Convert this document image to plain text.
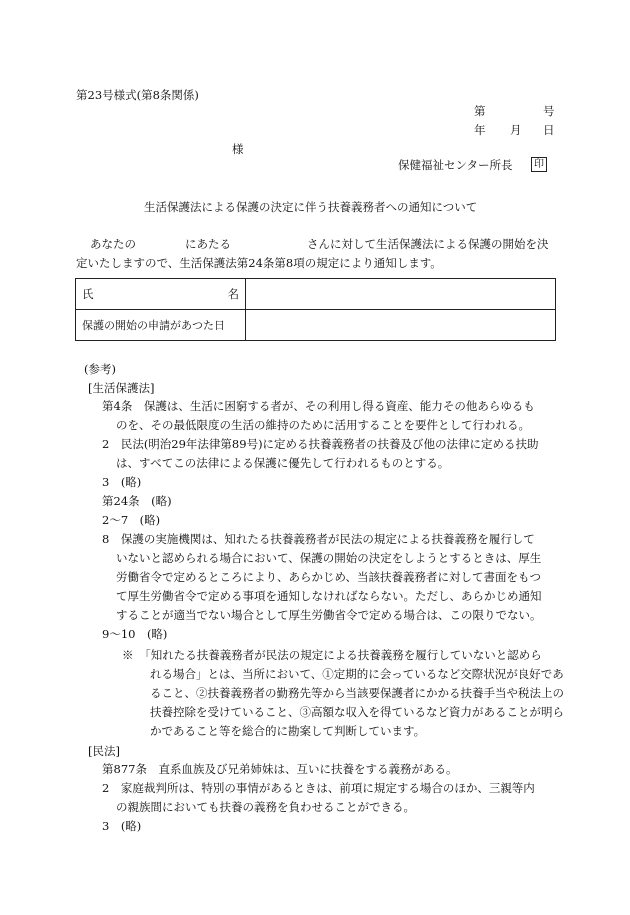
第23号様式(第8条関係)
第	号
年 月 日
様
保健福祉センター所長	印
生活保護法による保護の決定に伴う扶養義務者への通知について
あなたの	にあたる	さんに対して生活保護法による保護の開始を決
定いたしますので、生活保護法第24条第8項の規定により通知します。
氏 名	

保護の開始の申請があつた日	
(参考)
[生活保護法]
第4条　保護は、生活に困窮する者が、その利用し得る資産、能力その他あらゆるも
のを、その最低限度の生活の維持のために活用することを要件として行われる。
2　民法(明治29年法律第89号)に定める扶養義務者の扶養及び他の法律に定める扶助
は、すべてこの法律による保護に優先して行われるものとする。
3　(略)
第24条　(略)
2〜7　(略)
8　保護の実施機関は、知れたる扶養義務者が民法の規定による扶養義務を履行して
いないと認められる場合において、保護の開始の決定をしようとするときは、厚生
労働省令で定めるところにより、あらかじめ、当該扶養義務者に対して書面をもつ
て厚生労働省令で定める事項を通知しなければならない。ただし、あらかじめ通知
することが適当でない場合として厚生労働省令で定める場合は、この限りでない。
9〜10　(略)
※　「知れたる扶養義務者が民法の規定による扶養義務を履行していないと認めら
れる場合」とは、当所において、①定期的に会っているなど交際状況が良好であ
ること、②扶養義務者の勤務先等から当該要保護者にかかる扶養手当や税法上の
扶養控除を受けていること、③高額な収入を得ているなど資力があることが明ら
かであること等を総合的に勘案して判断しています。
[民法]
第877条　直系血族及び兄弟姉妹は、互いに扶養をする義務がある。
2　家庭裁判所は、特別の事情があるときは、前項に規定する場合のほか、三親等内
の親族間においても扶養の義務を負わせることができる。
3　(略)
